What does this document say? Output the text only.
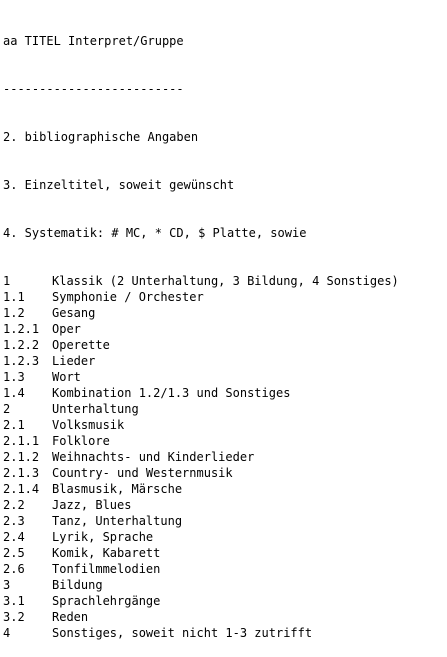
aa TITEL Interpret/Gruppe

-------------------------

2. bibliographische Angaben

3. Einzeltitel, soweit gewünscht

4. Systematik: # MC, * CD, $ Platte, sowie

1	Klassik (2 Unterhaltung, 3 Bildung, 4 Sonstiges)
1.1 Symphonie / Orchester
1.2 Gesang
1.2.1 Oper
1.2.2 Operette
1.2.3 Lieder
1.3 Wort
1.4 Kombination 1.2/1.3 und Sonstiges
2	Unterhaltung
2.1 Volksmusik
2.1.1 Folklore
2.1.2 Weihnachts- und Kinderlieder
2.1.3 Country- und Westernmusik
2.1.4 Blasmusik, Märsche
2.2 Jazz, Blues
2.3 Tanz, Unterhaltung
2.4 Lyrik, Sprache
2.5 Komik, Kabarett
2.6 Tonfilmmelodien
3	Bildung
3.1 Sprachlehrgänge
3.2 Reden
4	Sonstiges, soweit nicht 1-3 zutrifft
